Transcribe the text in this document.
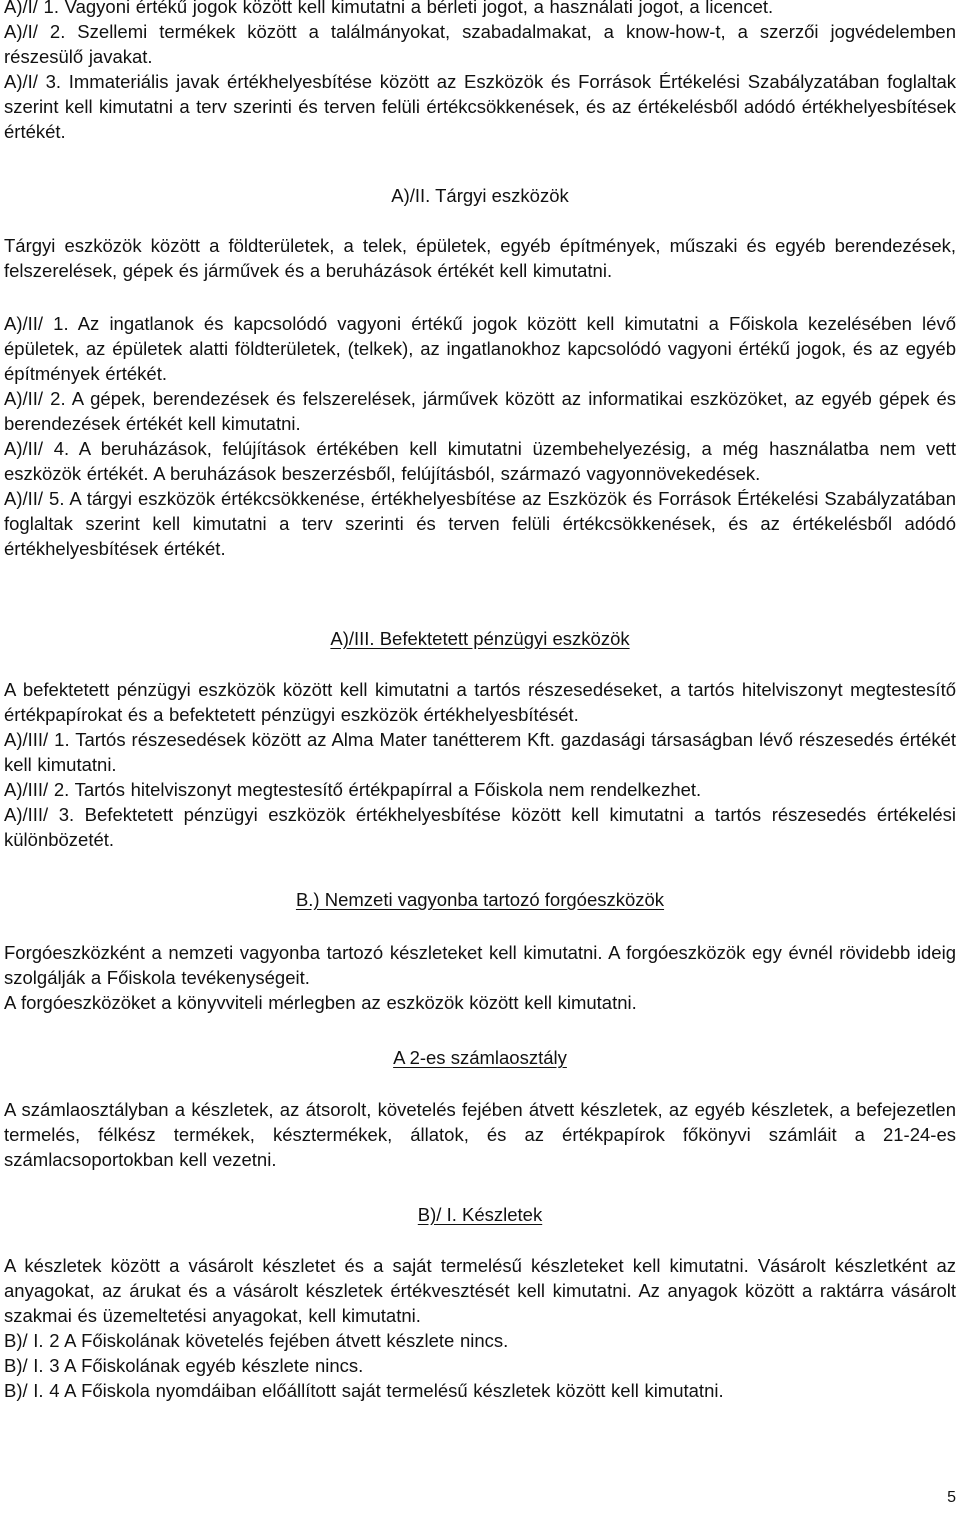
A)/I/ 1. Vagyoni értékű jogok között kell kimutatni a bérleti jogot, a használati jogot, a licencet.

A)/I/ 2. Szellemi termékek között a találmányokat, szabadalmakat, a know-how-t, a szerzői jogvédelemben részesülő javakat.

A)/I/ 3. Immateriális javak értékhelyesbítése között az Eszközök és Források Értékelési Szabályzatában foglaltak szerint kell kimutatni a terv szerinti és terven felüli értékcsökkenések, és az értékelésből adódó értékhelyesbítések értékét.

A)/II. Tárgyi eszközök

Tárgyi eszközök között a földterületek, a telek, épületek, egyéb építmények, műszaki és egyéb berendezések, felszerelések, gépek és járművek és a beruházások értékét kell kimutatni.

A)/II/ 1. Az ingatlanok és kapcsolódó vagyoni értékű jogok között kell kimutatni a Főiskola kezelésében lévő épületek, az épületek alatti földterületek, (telkek), az ingatlanokhoz kapcsolódó vagyoni értékű jogok, és az egyéb építmények értékét.

A)/II/ 2. A gépek, berendezések és felszerelések, járművek között az informatikai eszközöket, az egyéb gépek és berendezések értékét kell kimutatni.

A)/II/ 4. A beruházások, felújítások értékében kell kimutatni üzembehelyezésig, a még használatba nem vett eszközök értékét. A beruházások beszerzésből, felújításból, származó vagyonnövekedések.

A)/II/ 5. A tárgyi eszközök értékcsökkenése, értékhelyesbítése az Eszközök és Források Értékelési Szabályzatában foglaltak szerint kell kimutatni a terv szerinti és terven felüli értékcsökkenések, és az értékelésből adódó értékhelyesbítések értékét.

A)/III. Befektetett pénzügyi eszközök

A befektetett pénzügyi eszközök között kell kimutatni a tartós részesedéseket, a tartós hitelviszonyt megtestesítő értékpapírokat és a befektetett pénzügyi eszközök értékhelyesbítését.

A)/III/ 1. Tartós részesedések között az Alma Mater tanétterem Kft. gazdasági társaságban lévő részesedés értékét kell kimutatni.

A)/III/ 2. Tartós hitelviszonyt megtestesítő értékpapírral a Főiskola nem rendelkezhet.

A)/III/ 3. Befektetett pénzügyi eszközök értékhelyesbítése között kell kimutatni a tartós részesedés értékelési különbözetét.

B.) Nemzeti vagyonba tartozó forgóeszközök

Forgóeszközként a nemzeti vagyonba tartozó készleteket kell kimutatni. A forgóeszközök egy évnél rövidebb ideig szolgálják a Főiskola tevékenységeit.

A forgóeszközöket a könyvviteli mérlegben az eszközök között kell kimutatni.

A 2-es számlaosztály

A számlaosztályban a készletek, az átsorolt, követelés fejében átvett készletek, az egyéb készletek, a befejezetlen termelés, félkész termékek, késztermékek, állatok, és az értékpapírok főkönyvi számláit a 21-24-es számlacsoportokban kell vezetni.

B)/ I. Készletek

A készletek között a vásárolt készletet és a saját termelésű készleteket kell kimutatni. Vásárolt készletként az anyagokat, az árukat és a vásárolt készletek értékvesztését kell kimutatni. Az anyagok között a raktárra vásárolt szakmai és üzemeltetési anyagokat, kell kimutatni.

B)/ I. 2 A Főiskolának követelés fejében átvett készlete nincs.

B)/ I. 3 A Főiskolának egyéb készlete nincs.

B)/ I. 4 A Főiskola nyomdáiban előállított saját termelésű készletek között kell kimutatni.

5
